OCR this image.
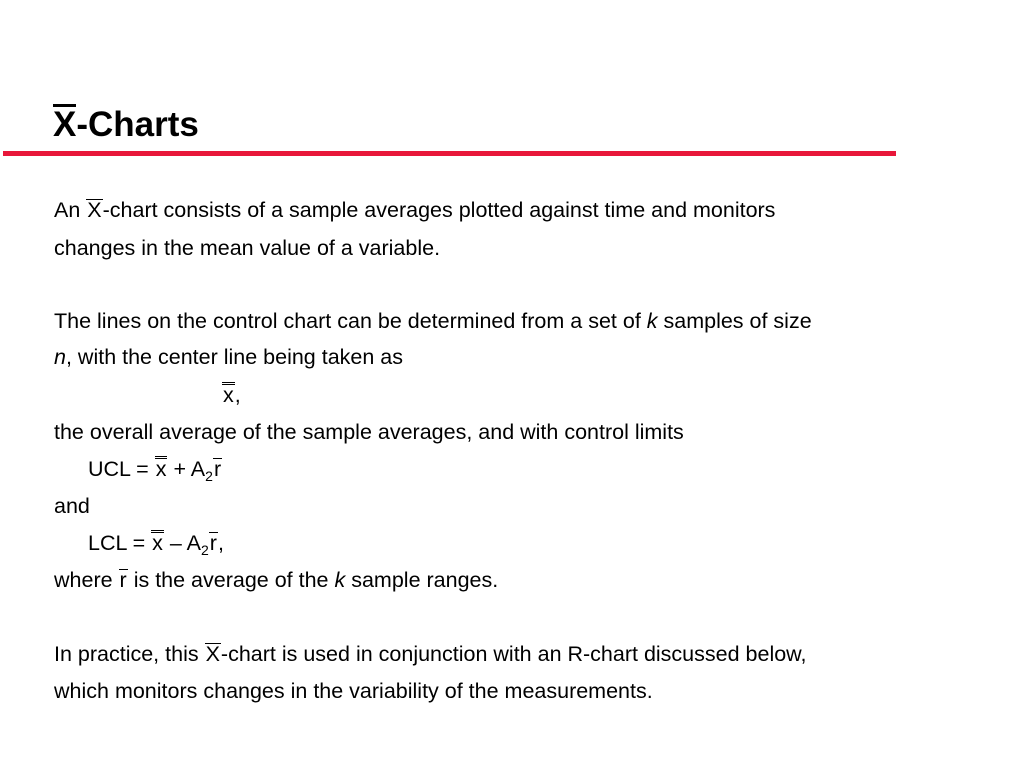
X-Charts
An X-chart consists of a sample averages plotted against time and monitors
changes in the mean value of a variable.
The lines on the control chart can be determined from a set of k samples of size
n, with the center line being taken as
x,
the overall average of the sample averages, and with control limits
UCL = $x + A_2r$
and
LCL = x – $A_2r$,
where r is the average of the k sample ranges.
In practice, this X-chart is used in conjunction with an R-chart discussed below,
which monitors changes in the variability of the measurements.
